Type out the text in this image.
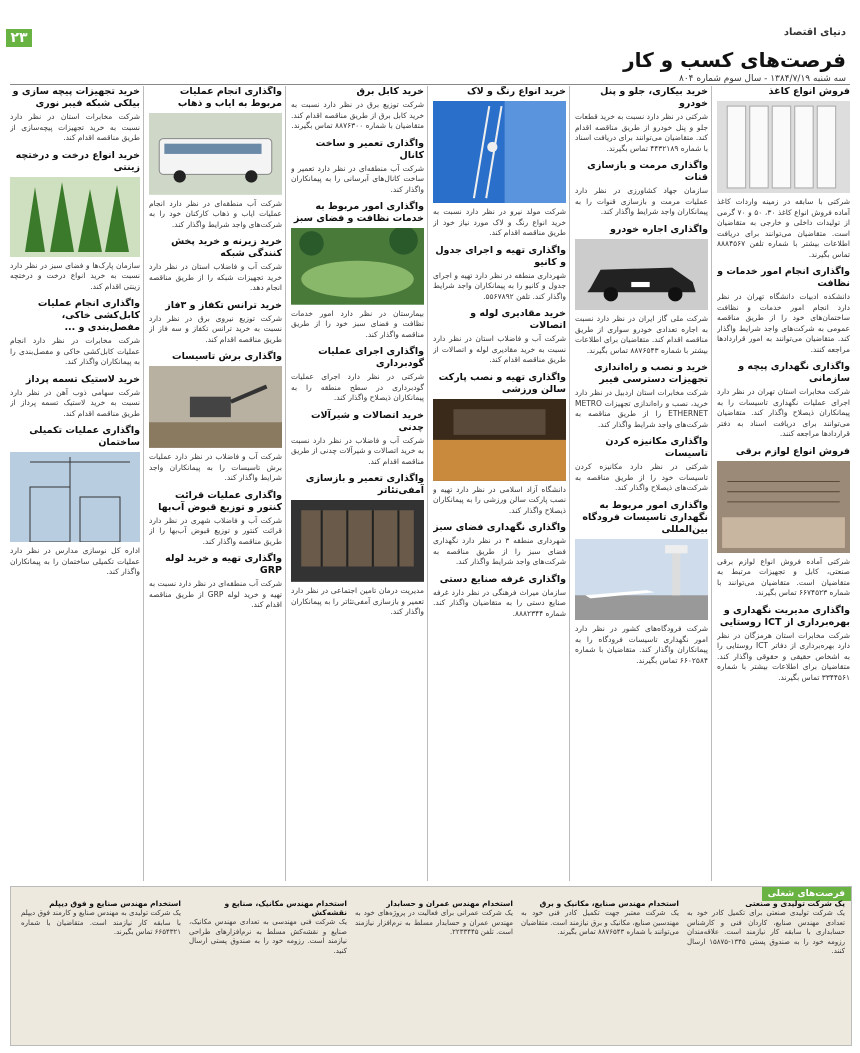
۲۳	دنیای اقتصاد
فرصت‌های کسب و کار
سه شنبه ۱۳۸۴/۷/۱۹ - سال سوم شماره ۸۰۴
فروش انواع کاغذ

شرکتی با سابقه در زمینه واردات کاغذ آماده فروش انواع کاغذ ۳۰، ۵۰ و ۷۰ گرمی از تولیدات داخلی و خارجی به متقاضیان است. متقاضیان می‌توانند برای دریافت اطلاعات بیشتر با شماره تلفن ۸۸۸۴۵۶۷ تماس بگیرند.

واگذاری انجام امور خدمات و نظافت

دانشکده ادبیات دانشگاه تهران در نظر دارد انجام امور خدمات و نظافت ساختمان‌های خود را از طریق مناقصه عمومی به شرکت‌های واجد شرایط واگذار کند. متقاضیان می‌توانند به امور قراردادها مراجعه کنند.

واگذاری نگهداری پیچه و سازمانی

شرکت مخابرات استان تهران در نظر دارد اجرای عملیات نگهداری تاسیسات را به پیمانکاران ذیصلاح واگذار کند. متقاضیان می‌توانند برای دریافت اسناد به دفتر قراردادها مراجعه کنند.

فروش انواع لوازم برقی

شرکتی آماده فروش انواع لوازم برقی صنعتی، کابل و تجهیزات مرتبط به متقاضیان است. متقاضیان می‌توانند با شماره ۶۶۷۴۵۲۳ تماس بگیرند.

واگذاری مدیریت نگهداری و بهره‌برداری از ICT روستایی

شرکت مخابرات استان هرمزگان در نظر دارد بهره‌برداری از دفاتر ICT روستایی را به اشخاص حقیقی و حقوقی واگذار کند. متقاضیان برای اطلاعات بیشتر با شماره ۳۳۴۴۵۶۱ تماس بگیرند.

خرید بیکاری، جلو و پنل خودرو

شرکتی در نظر دارد نسبت به خرید قطعات جلو و پنل خودرو از طریق مناقصه اقدام کند. متقاضیان می‌توانند برای دریافت اسناد با شماره ۴۴۳۲۱۸۹ تماس بگیرند.

واگذاری مرمت و بازسازی قنات

سازمان جهاد کشاورزی در نظر دارد عملیات مرمت و بازسازی قنوات را به پیمانکاران واجد شرایط واگذار کند.

واگذاری اجاره خودرو

شرکت ملی گاز ایران در نظر دارد نسبت به اجاره تعدادی خودرو سواری از طریق مناقصه اقدام کند. متقاضیان برای اطلاعات بیشتر با شماره ۸۸۷۶۵۴۳ تماس بگیرند.

خرید و نصب و راه‌اندازی تجهیزات دسترسی فیبر

شرکت مخابرات استان اردبیل در نظر دارد خرید، نصب و راه‌اندازی تجهیزات METRO ETHERNET را از طریق مناقصه به شرکت‌های واجد شرایط واگذار کند.

واگذاری مکانیزه کردن تاسیسات

شرکتی در نظر دارد مکانیزه کردن تاسیسات خود را از طریق مناقصه به شرکت‌های ذیصلاح واگذار کند.

واگذاری امور مربوط به نگهداری تاسیسات فرودگاه بین‌المللی

شرکت فرودگاه‌های کشور در نظر دارد امور نگهداری تاسیسات فرودگاه را به پیمانکاران واگذار کند. متقاضیان با شماره ۶۶۰۲۵۸۴ تماس بگیرند.

خرید انواع رنگ و لاک

شرکت مولد نیرو در نظر دارد نسبت به خرید انواع رنگ و لاک مورد نیاز خود از طریق مناقصه اقدام کند.

واگذاری تهیه و اجرای جدول و کانیو

شهرداری منطقه در نظر دارد تهیه و اجرای جدول و کانیو را به پیمانکاران واجد شرایط واگذار کند. تلفن ۵۵۶۷۸۹۲.

خرید مقادیری لوله و اتصالات

شرکت آب و فاضلاب استان در نظر دارد نسبت به خرید مقادیری لوله و اتصالات از طریق مناقصه اقدام کند.

واگذاری تهیه و نصب پارکت سالن ورزشی

دانشگاه آزاد اسلامی در نظر دارد تهیه و نصب پارکت سالن ورزشی را به پیمانکاران ذیصلاح واگذار کند.

واگذاری نگهداری فضای سبز

شهرداری منطقه ۳ در نظر دارد نگهداری فضای سبز را از طریق مناقصه به شرکت‌های واجد شرایط واگذار کند.

واگذاری غرفه صنایع دستی

سازمان میراث فرهنگی در نظر دارد غرفه صنایع دستی را به متقاضیان واگذار کند. شماره ۸۸۸۲۳۴۴.

خرید کابل برق

شرکت توزیع برق در نظر دارد نسبت به خرید کابل برق از طریق مناقصه اقدام کند. متقاضیان با شماره ۸۸۷۶۳۰۰ تماس بگیرند.

واگذاری تعمیر و ساخت کانال

شرکت آب منطقه‌ای در نظر دارد تعمیر و ساخت کانال‌های آبرسانی را به پیمانکاران واگذار کند.

واگذاری امور مربوط به خدمات نظافت و فضای سبز

بیمارستان در نظر دارد امور خدمات نظافت و فضای سبز خود را از طریق مناقصه واگذار کند.

واگذاری اجرای عملیات گودبرداری

شرکتی در نظر دارد اجرای عملیات گودبرداری در سطح منطقه را به پیمانکاران ذیصلاح واگذار کند.

خرید اتصالات و شیرآلات چدنی

شرکت آب و فاضلاب در نظر دارد نسبت به خرید اتصالات و شیرآلات چدنی از طریق مناقصه اقدام کند.

واگذاری تعمیر و بازسازی آمفی‌تئاتر

مدیریت درمان تامین اجتماعی در نظر دارد تعمیر و بازسازی آمفی‌تئاتر را به پیمانکاران واگذار کند.

واگذاری انجام عملیات مربوط به ایاب و ذهاب

شرکت آب منطقه‌ای در نظر دارد انجام عملیات ایاب و ذهاب کارکنان خود را به شرکت‌های واجد شرایط واگذار کند.

خرید زیرنه و خرید پخش کنندگی شبکه

شرکت آب و فاضلاب استان در نظر دارد خرید تجهیزات شبکه را از طریق مناقصه انجام دهد.

خرید ترانس تکفاز و ۳فاز

شرکت توزیع نیروی برق در نظر دارد نسبت به خرید ترانس تکفاز و سه فاز از طریق مناقصه اقدام کند.

واگذاری برش تاسیسات

شرکت آب و فاضلاب در نظر دارد عملیات برش تاسیسات را به پیمانکاران واجد شرایط واگذار کند.

واگذاری عملیات قرائت کنتور و توزیع قبوض آب‌بها

شرکت آب و فاضلاب شهری در نظر دارد قرائت کنتور و توزیع قبوض آب‌بها را از طریق مناقصه واگذار کند.

واگذاری تهیه و خرید لوله GRP

شرکت آب منطقه‌ای در نظر دارد نسبت به تهیه و خرید لوله GRP از طریق مناقصه اقدام کند.

خرید تجهیزات پیچه سازی و بیلکی شبکه فیبر نوری

شرکت مخابرات استان در نظر دارد نسبت به خرید تجهیزات پیچه‌سازی از طریق مناقصه اقدام کند.

خرید انواع درخت و درختچه زینتی

سازمان پارک‌ها و فضای سبز در نظر دارد نسبت به خرید انواع درخت و درختچه زینتی اقدام کند.

واگذاری انجام عملیات کابل‌کشی خاکی، مفصل‌بندی و ...

شرکت مخابرات در نظر دارد انجام عملیات کابل‌کشی خاکی و مفصل‌بندی را به پیمانکاران واگذار کند.

خرید لاستیک تسمه پرداز

شرکت سهامی ذوب آهن در نظر دارد نسبت به خرید لاستیک تسمه پرداز از طریق مناقصه اقدام کند.

واگذاری عملیات تکمیلی ساختمان

اداره کل نوسازی مدارس در نظر دارد عملیات تکمیلی ساختمان را به پیمانکاران واگذار کند.

فرصت‌های شغلی
یک شرکت تولیدی و صنعتی

یک شرکت تولیدی صنعتی برای تکمیل کادر خود به تعدادی مهندس صنایع، کاردان فنی و کارشناس حسابداری با سابقه کار نیازمند است. علاقه‌مندان رزومه خود را به صندوق پستی ۱۳۴۵-۱۵۸۷۵ ارسال کنند.

استخدام مهندس صنایع، مکانیک و برق

یک شرکت معتبر جهت تکمیل کادر فنی خود به مهندسین صنایع، مکانیک و برق نیازمند است. متقاضیان می‌توانند با شماره ۸۸۷۶۵۴۳ تماس بگیرند.

استخدام مهندس عمران و حسابدار

یک شرکت عمرانی برای فعالیت در پروژه‌های خود به مهندس عمران و حسابدار مسلط به نرم‌افزار نیازمند است. تلفن ۲۲۳۳۴۴۵.

استخدام مهندس مکانیک، صنایع و نقشه‌کش

یک شرکت فنی مهندسی به تعدادی مهندس مکانیک، صنایع و نقشه‌کش مسلط به نرم‌افزارهای طراحی نیازمند است. رزومه خود را به صندوق پستی ارسال کنید.

استخدام مهندس صنایع و فوق دیپلم

یک شرکت تولیدی به مهندس صنایع و کارمند فوق دیپلم با سابقه کار نیازمند است. متقاضیان با شماره ۶۶۵۴۳۲۱ تماس بگیرند.
